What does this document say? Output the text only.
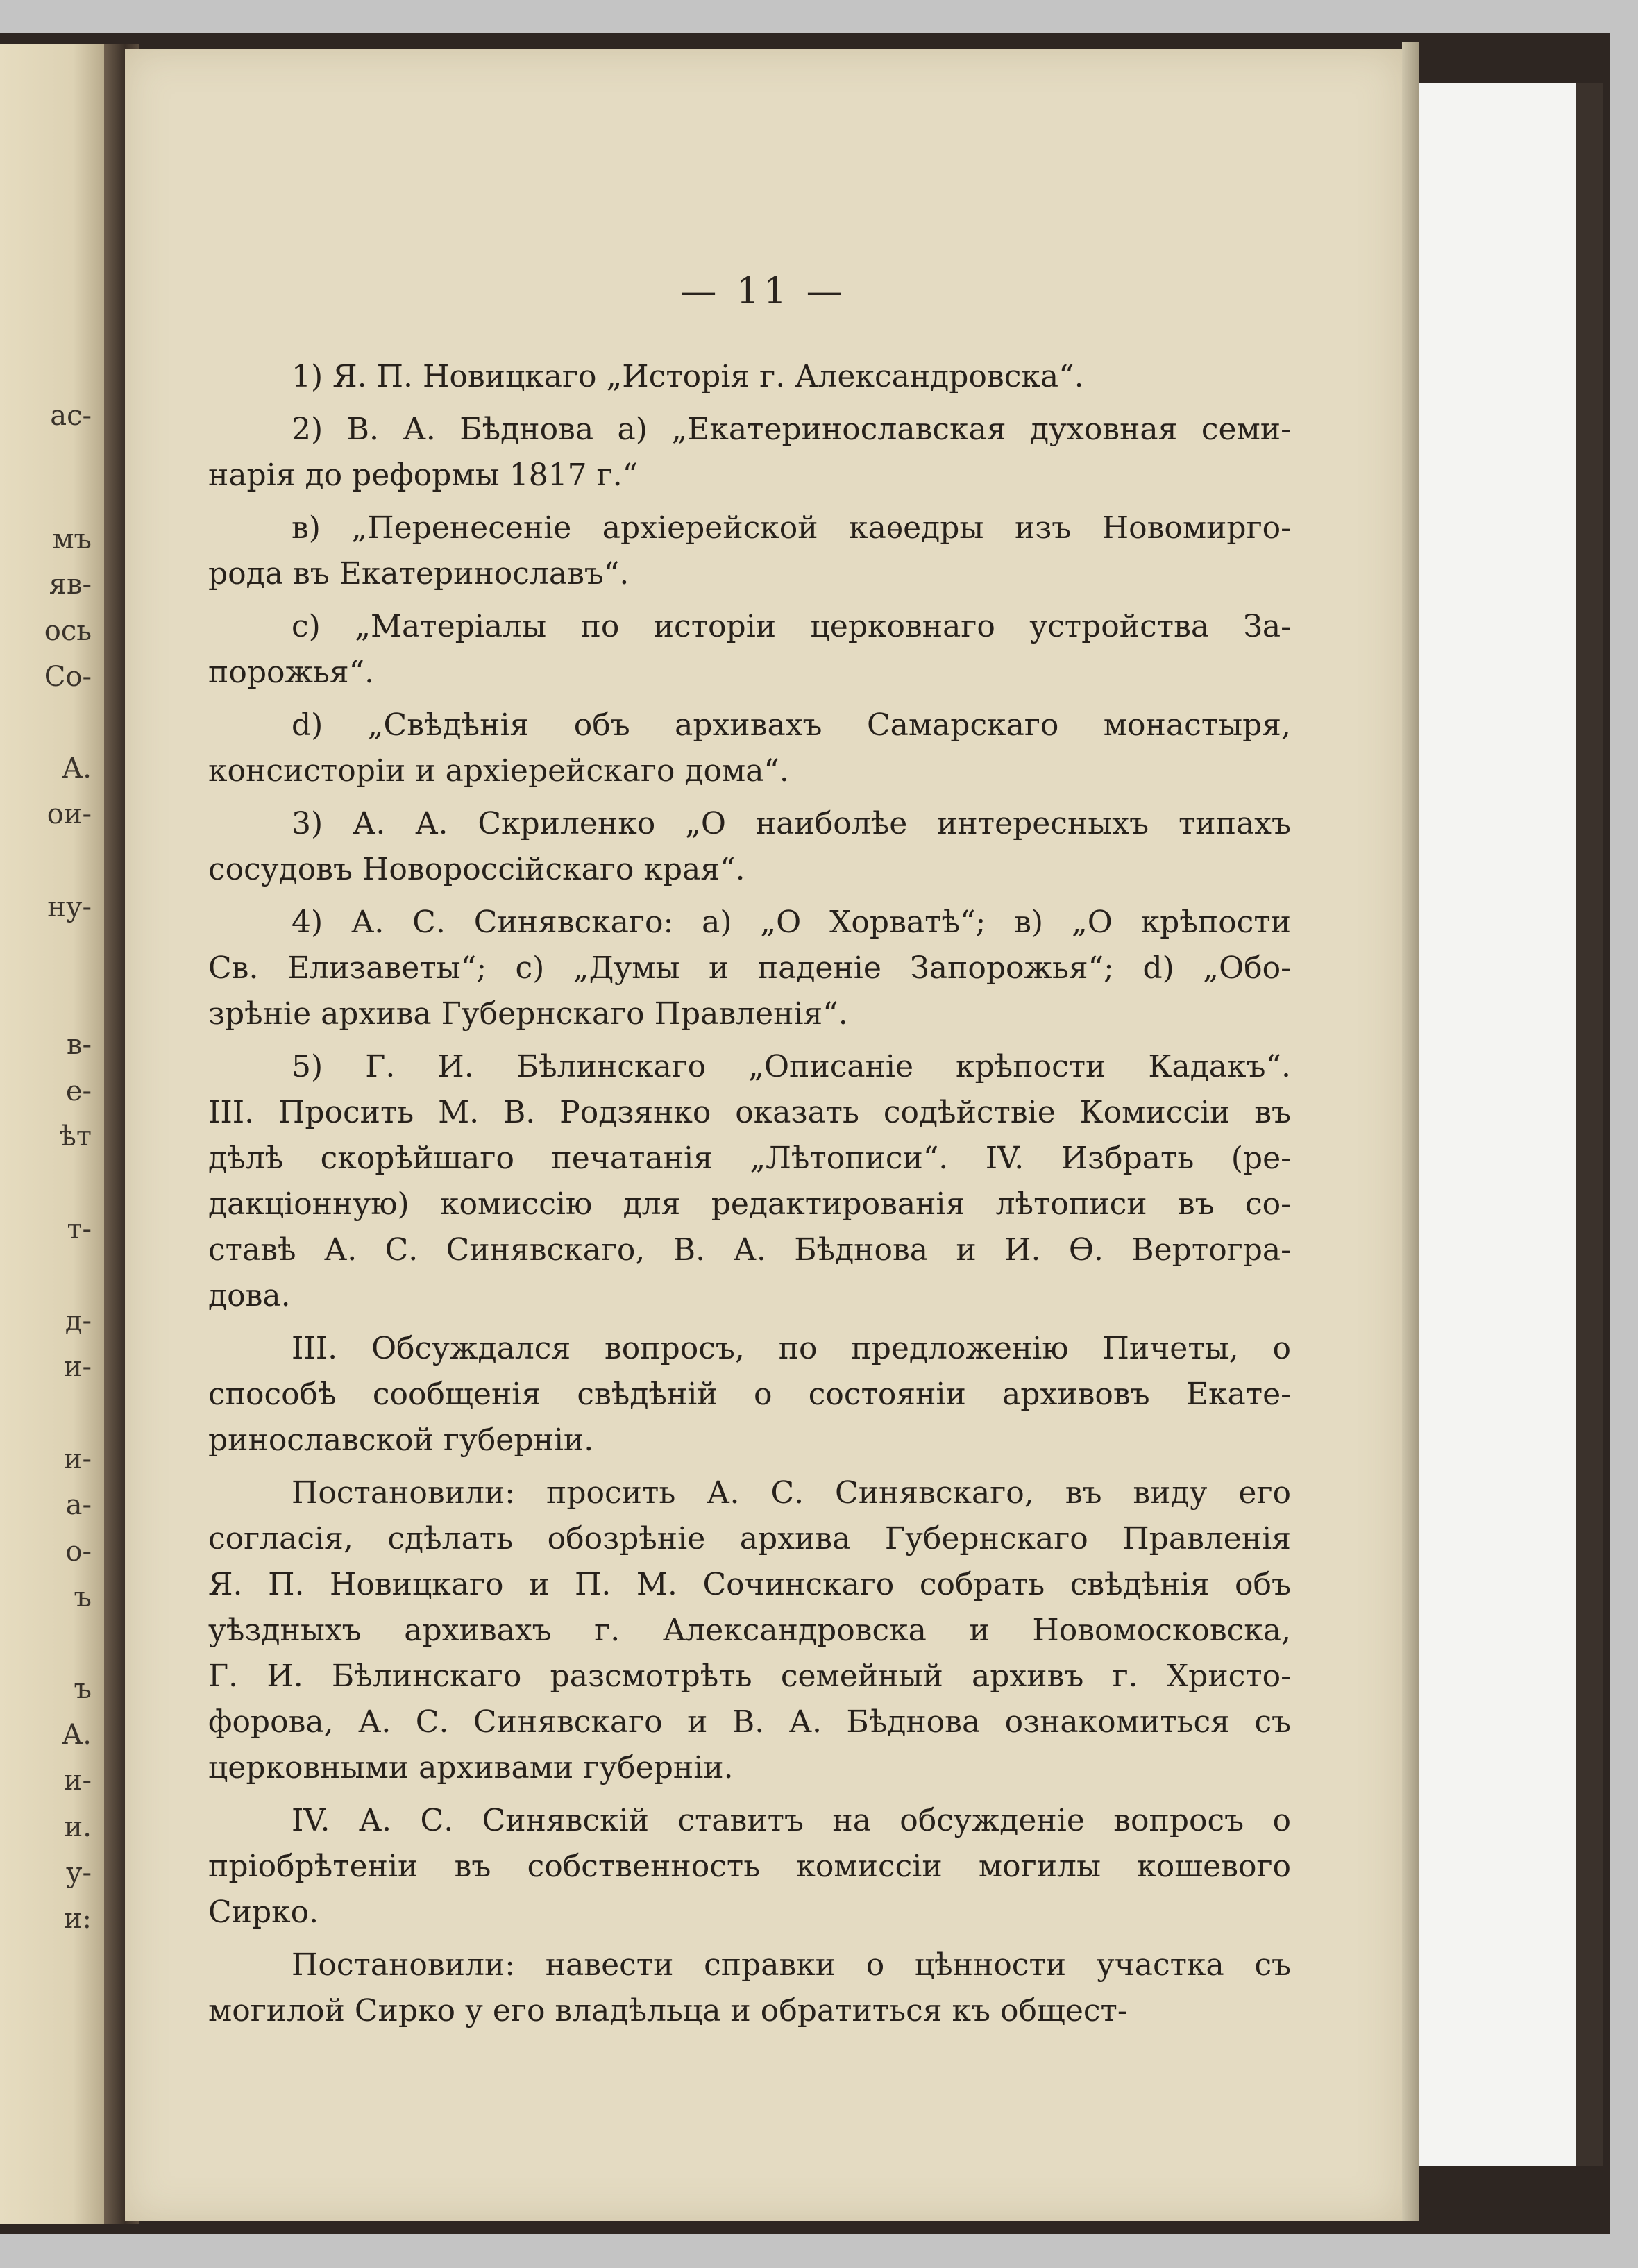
ас-
мъ
яв-
ось
Со-
А.
ои-
ну-
в-
е-
ѣт
т-
д-
и-
и-
а-
о-
ъ
ъ
А.
и-
и.
у-
и:
— 11 —
1) Я. П. Новицкаго „Исторія г. Александровска“.
2) В. А. Бѣднова а) „Екатеринославская духовная семи-
нарія до реформы 1817 г.“
в) „Перенесеніе архіерейской каѳедры изъ Новомирго-
рода въ Екатеринославъ“.
с) „Матеріалы по исторіи церковнаго устройства За-
порожья“.
d) „Свѣдѣнія объ архивахъ Самарскаго монастыря,
консисторіи и архіерейскаго дома“.
3) А. А. Скриленко „О наиболѣе интересныхъ типахъ
сосудовъ Новороссійскаго края“.
4) А. С. Синявскаго: а) „О Хорватѣ“; в) „О крѣпости
Св. Елизаветы“; с) „Думы и паденіе Запорожья“; d) „Обо-
зрѣніе архива Губернскаго Правленія“.
5) Г. И. Бѣлинскаго „Описаніе крѣпости Кадакъ“.
III. Просить М. В. Родзянко оказать содѣйствіе Комиссіи въ
дѣлѣ скорѣйшаго печатанія „Лѣтописи“. IV. Избрать (ре-
дакціонную) комиссію для редактированія лѣтописи въ со-
ставѣ А. С. Синявскаго, В. А. Бѣднова и И. Ѳ. Вертогра-
дова.
III. Обсуждался вопросъ, по предложенію Пичеты, о
способѣ сообщенія свѣдѣній о состояніи архивовъ Екате-
ринославской губерніи.
Постановили: просить А. С. Синявскаго, въ виду его
согласія, сдѣлать обозрѣніе архива Губернскаго Правленія
Я. П. Новицкаго и П. М. Сочинскаго собрать свѣдѣнія объ
уѣздныхъ архивахъ г. Александровска и Новомосковска,
Г. И. Бѣлинскаго разсмотрѣть семейный архивъ г. Христо-
форова, А. С. Синявскаго и В. А. Бѣднова ознакомиться съ
церковными архивами губерніи.
IV. А. С. Синявскій ставитъ на обсужденіе вопросъ о
пріобрѣтеніи въ собственность комиссіи могилы кошевого
Сирко.
Постановили: навести справки о цѣнности участка съ
могилой Сирко у его владѣльца и обратиться къ общест-
